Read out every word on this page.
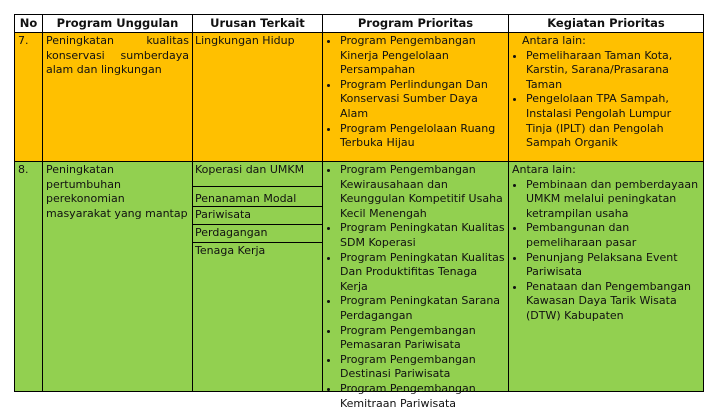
No	Program Unggulan	Urusan Terkait	Program Prioritas	Kegiatan Prioritas
7.	Peningkatan kualitas konservasi sumberdaya alam dan lingkungan
Lingkungan Hidup
•	Program Pengembangan Kinerja Pengelolaan Persampahan
• Program Perlindungan Dan Konservasi Sumber Daya Alam
• Program Pengelolaan Ruang Terbuka Hijau
Antara lain:
• Pemeliharaan Taman Kota, Karstin, Sarana/Prasarana Taman
• Pengelolaan TPA Sampah, Instalasi Pengolah Lumpur Tinja (IPLT) dan Pengolah Sampah Organik
8.	Peningkatan pertumbuhan perekonomian masyarakat yang mantap
Koperasi dan UMKM
Penanaman Modal
Pariwisata
Perdagangan
Tenaga Kerja
• Program Pengembangan Kewirausahaan dan Keunggulan Kompetitif Usaha Kecil Menengah
• Program Peningkatan Kualitas SDM Koperasi
• Program Peningkatan Kualitas Dan Produktifitas Tenaga Kerja
• Program Peningkatan Sarana Perdagangan
• Program Pengembangan Pemasaran Pariwisata
• Program Pengembangan Destinasi Pariwisata
• Program Pengembangan Kemitraan Pariwisata
Antara lain:
• Pembinaan dan pemberdayaan UMKM melalui peningkatan ketrampilan usaha
• Pembangunan dan pemeliharaan pasar
• Penunjang Pelaksana Event Pariwisata
• Penataan dan Pengembangan Kawasan Daya Tarik Wisata (DTW) Kabupaten
